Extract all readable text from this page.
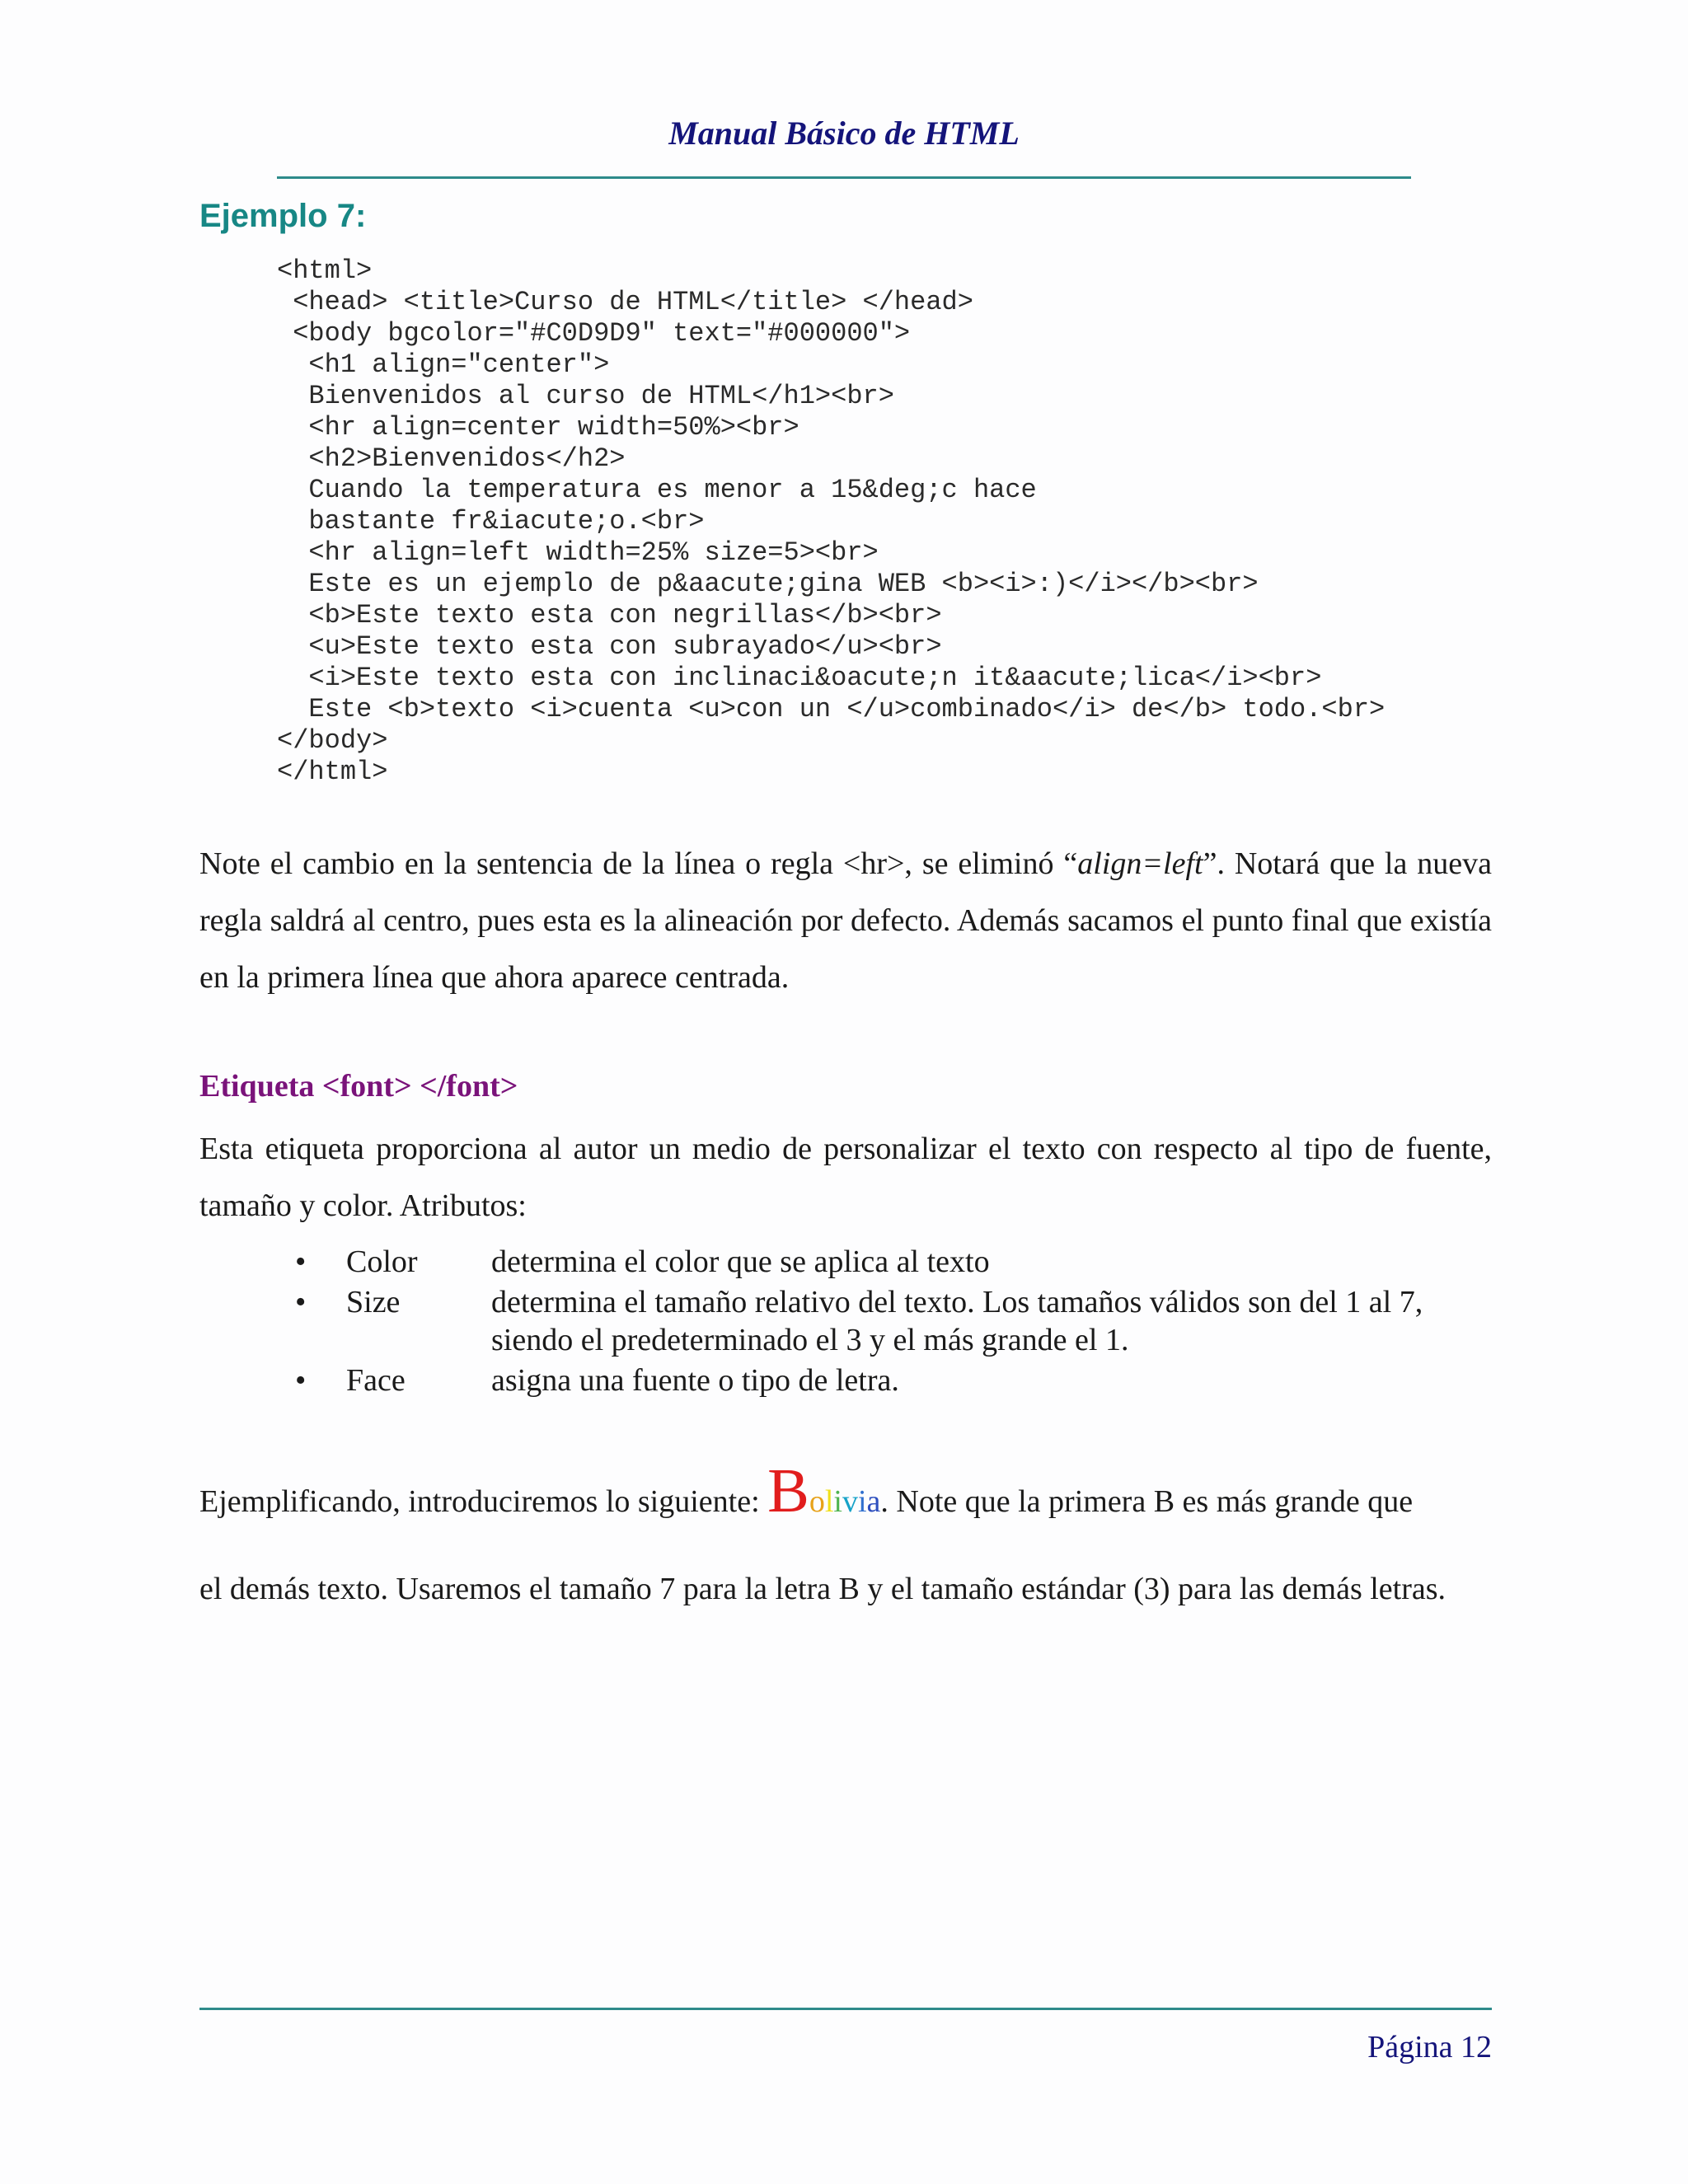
Manual Básico de HTML
Ejemplo 7:
<html>
<head> <title>Curso de HTML</title> </head>
<body bgcolor="#C0D9D9" text="#000000">
<h1 align="center">
Bienvenidos al curso de HTML</h1><br>
<hr align=center width=50%><br>
<h2>Bienvenidos</h2>
Cuando la temperatura es menor a 15&deg;c hace
bastante fr&iacute;o.<br>
<hr align=left width=25% size=5><br>
Este es un ejemplo de p&aacute;gina WEB <b><i>:)</i></b><br>
<b>Este texto esta con negrillas</b><br>
<u>Este texto esta con subrayado</u><br>
<i>Este texto esta con inclinaci&oacute;n it&aacute;lica</i><br>
Este <b>texto <i>cuenta <u>con un </u>combinado</i> de</b> todo.<br>
</body>
</html>

Note el cambio en la sentencia de la línea o regla <hr>, se eliminó “align=left”. Notará que la nueva regla saldrá al centro, pues esta es la alineación por defecto. Además sacamos el punto final que existía en la primera línea que ahora aparece centrada.

Etiqueta <font> </font>

Esta etiqueta proporciona al autor un medio de personalizar el texto con respecto al tipo de fuente, tamaño y color. Atributos:

• Color determina el color que se aplica al texto
• Size	determina el tamaño relativo del texto. Los tamaños válidos son del 1 al 7, siendo el predeterminado el 3 y el más grande el 1.
• Face	asigna una fuente o tipo de letra.
Ejemplificando, introduciremos lo siguiente: Bolivia. Note que la primera B es más grande que

el demás texto. Usaremos el tamaño 7 para la letra B y el tamaño estándar (3) para las demás letras.

Página 12
